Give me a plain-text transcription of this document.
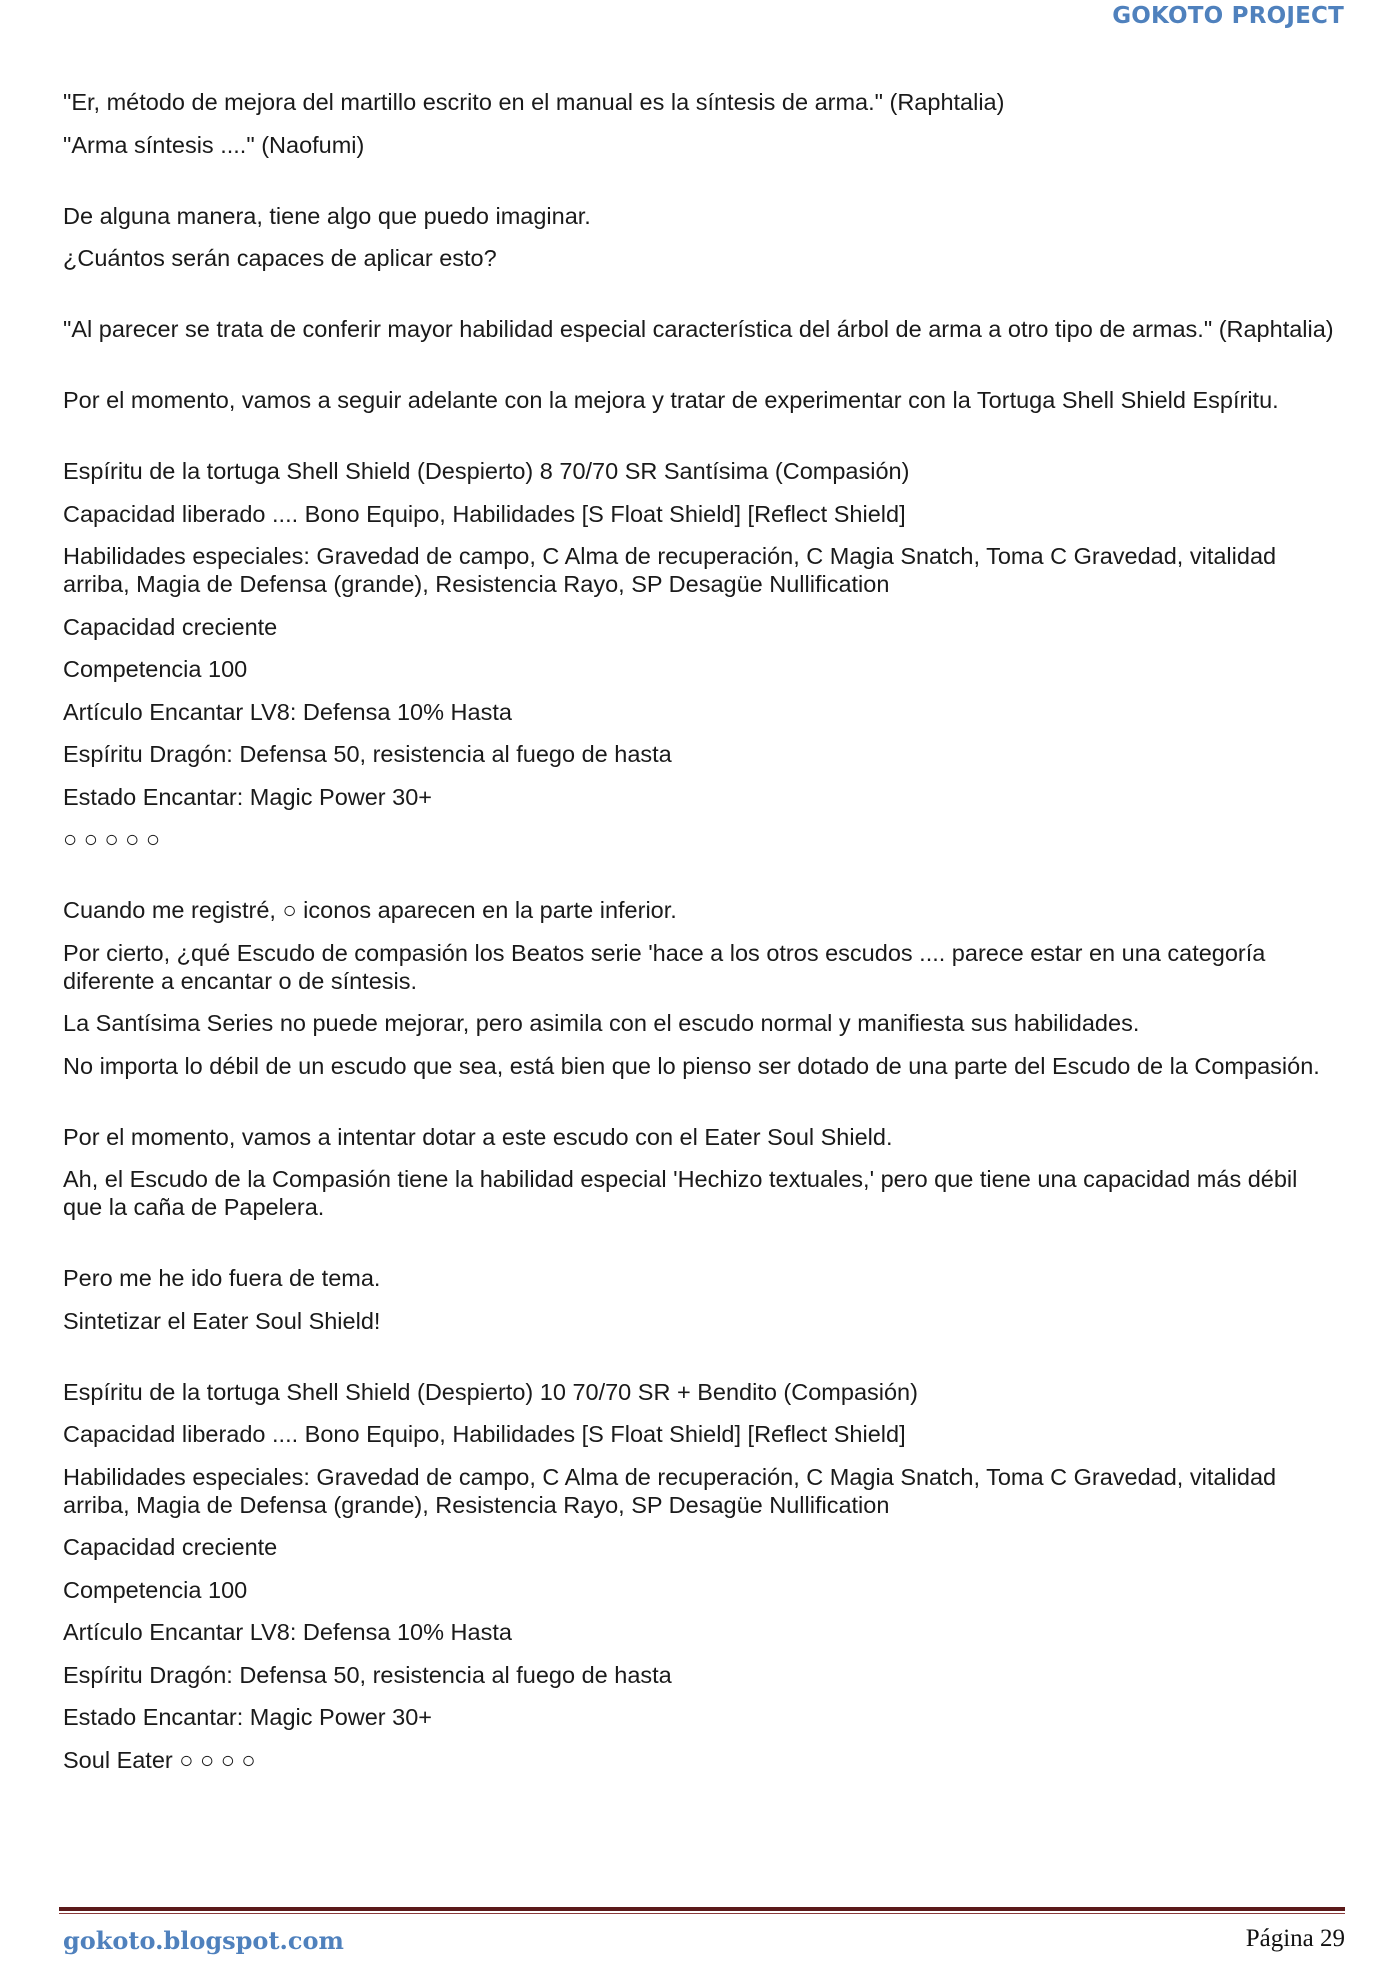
GOKOTO PROJECT

"Er, método de mejora del martillo escrito en el manual es la síntesis de arma." (Raphtalia)

"Arma síntesis ...." (Naofumi)

De alguna manera, tiene algo que puedo imaginar.

¿Cuántos serán capaces de aplicar esto?

"Al parecer se trata de conferir mayor habilidad especial característica del árbol de arma a otro tipo de armas." (Raphtalia)

Por el momento, vamos a seguir adelante con la mejora y tratar de experimentar con la Tortuga Shell Shield Espíritu.

Espíritu de la tortuga Shell Shield (Despierto) 8 70/70 SR Santísima (Compasión)

Capacidad liberado .... Bono Equipo, Habilidades [S Float Shield] [Reflect Shield]

Habilidades especiales: Gravedad de campo, C Alma de recuperación, C Magia Snatch, Toma C Gravedad, vitalidad arriba, Magia de Defensa (grande), Resistencia Rayo, SP Desagüe Nullification

Capacidad creciente

Competencia 100

Artículo Encantar LV8: Defensa 10% Hasta

Espíritu Dragón: Defensa 50, resistencia al fuego de hasta

Estado Encantar: Magic Power 30+

○ ○ ○ ○ ○

Cuando me registré, ○ iconos aparecen en la parte inferior.

Por cierto, ¿qué Escudo de compasión los Beatos serie 'hace a los otros escudos .... parece estar en una categoría diferente a encantar o de síntesis.

La Santísima Series no puede mejorar, pero asimila con el escudo normal y manifiesta sus habilidades.

No importa lo débil de un escudo que sea, está bien que lo pienso ser dotado de una parte del Escudo de la Compasión.

Por el momento, vamos a intentar dotar a este escudo con el Eater Soul Shield.

Ah, el Escudo de la Compasión tiene la habilidad especial 'Hechizo textuales,' pero que tiene una capacidad más débil que la caña de Papelera.

Pero me he ido fuera de tema.

Sintetizar el Eater Soul Shield!

Espíritu de la tortuga Shell Shield (Despierto) 10 70/70 SR + Bendito (Compasión)

Capacidad liberado .... Bono Equipo, Habilidades [S Float Shield] [Reflect Shield]

Habilidades especiales: Gravedad de campo, C Alma de recuperación, C Magia Snatch, Toma C Gravedad, vitalidad arriba, Magia de Defensa (grande), Resistencia Rayo, SP Desagüe Nullification

Capacidad creciente

Competencia 100

Artículo Encantar LV8: Defensa 10% Hasta

Espíritu Dragón: Defensa 50, resistencia al fuego de hasta

Estado Encantar: Magic Power 30+

Soul Eater ○ ○ ○ ○

gokoto.blogspot.com	Página 29
